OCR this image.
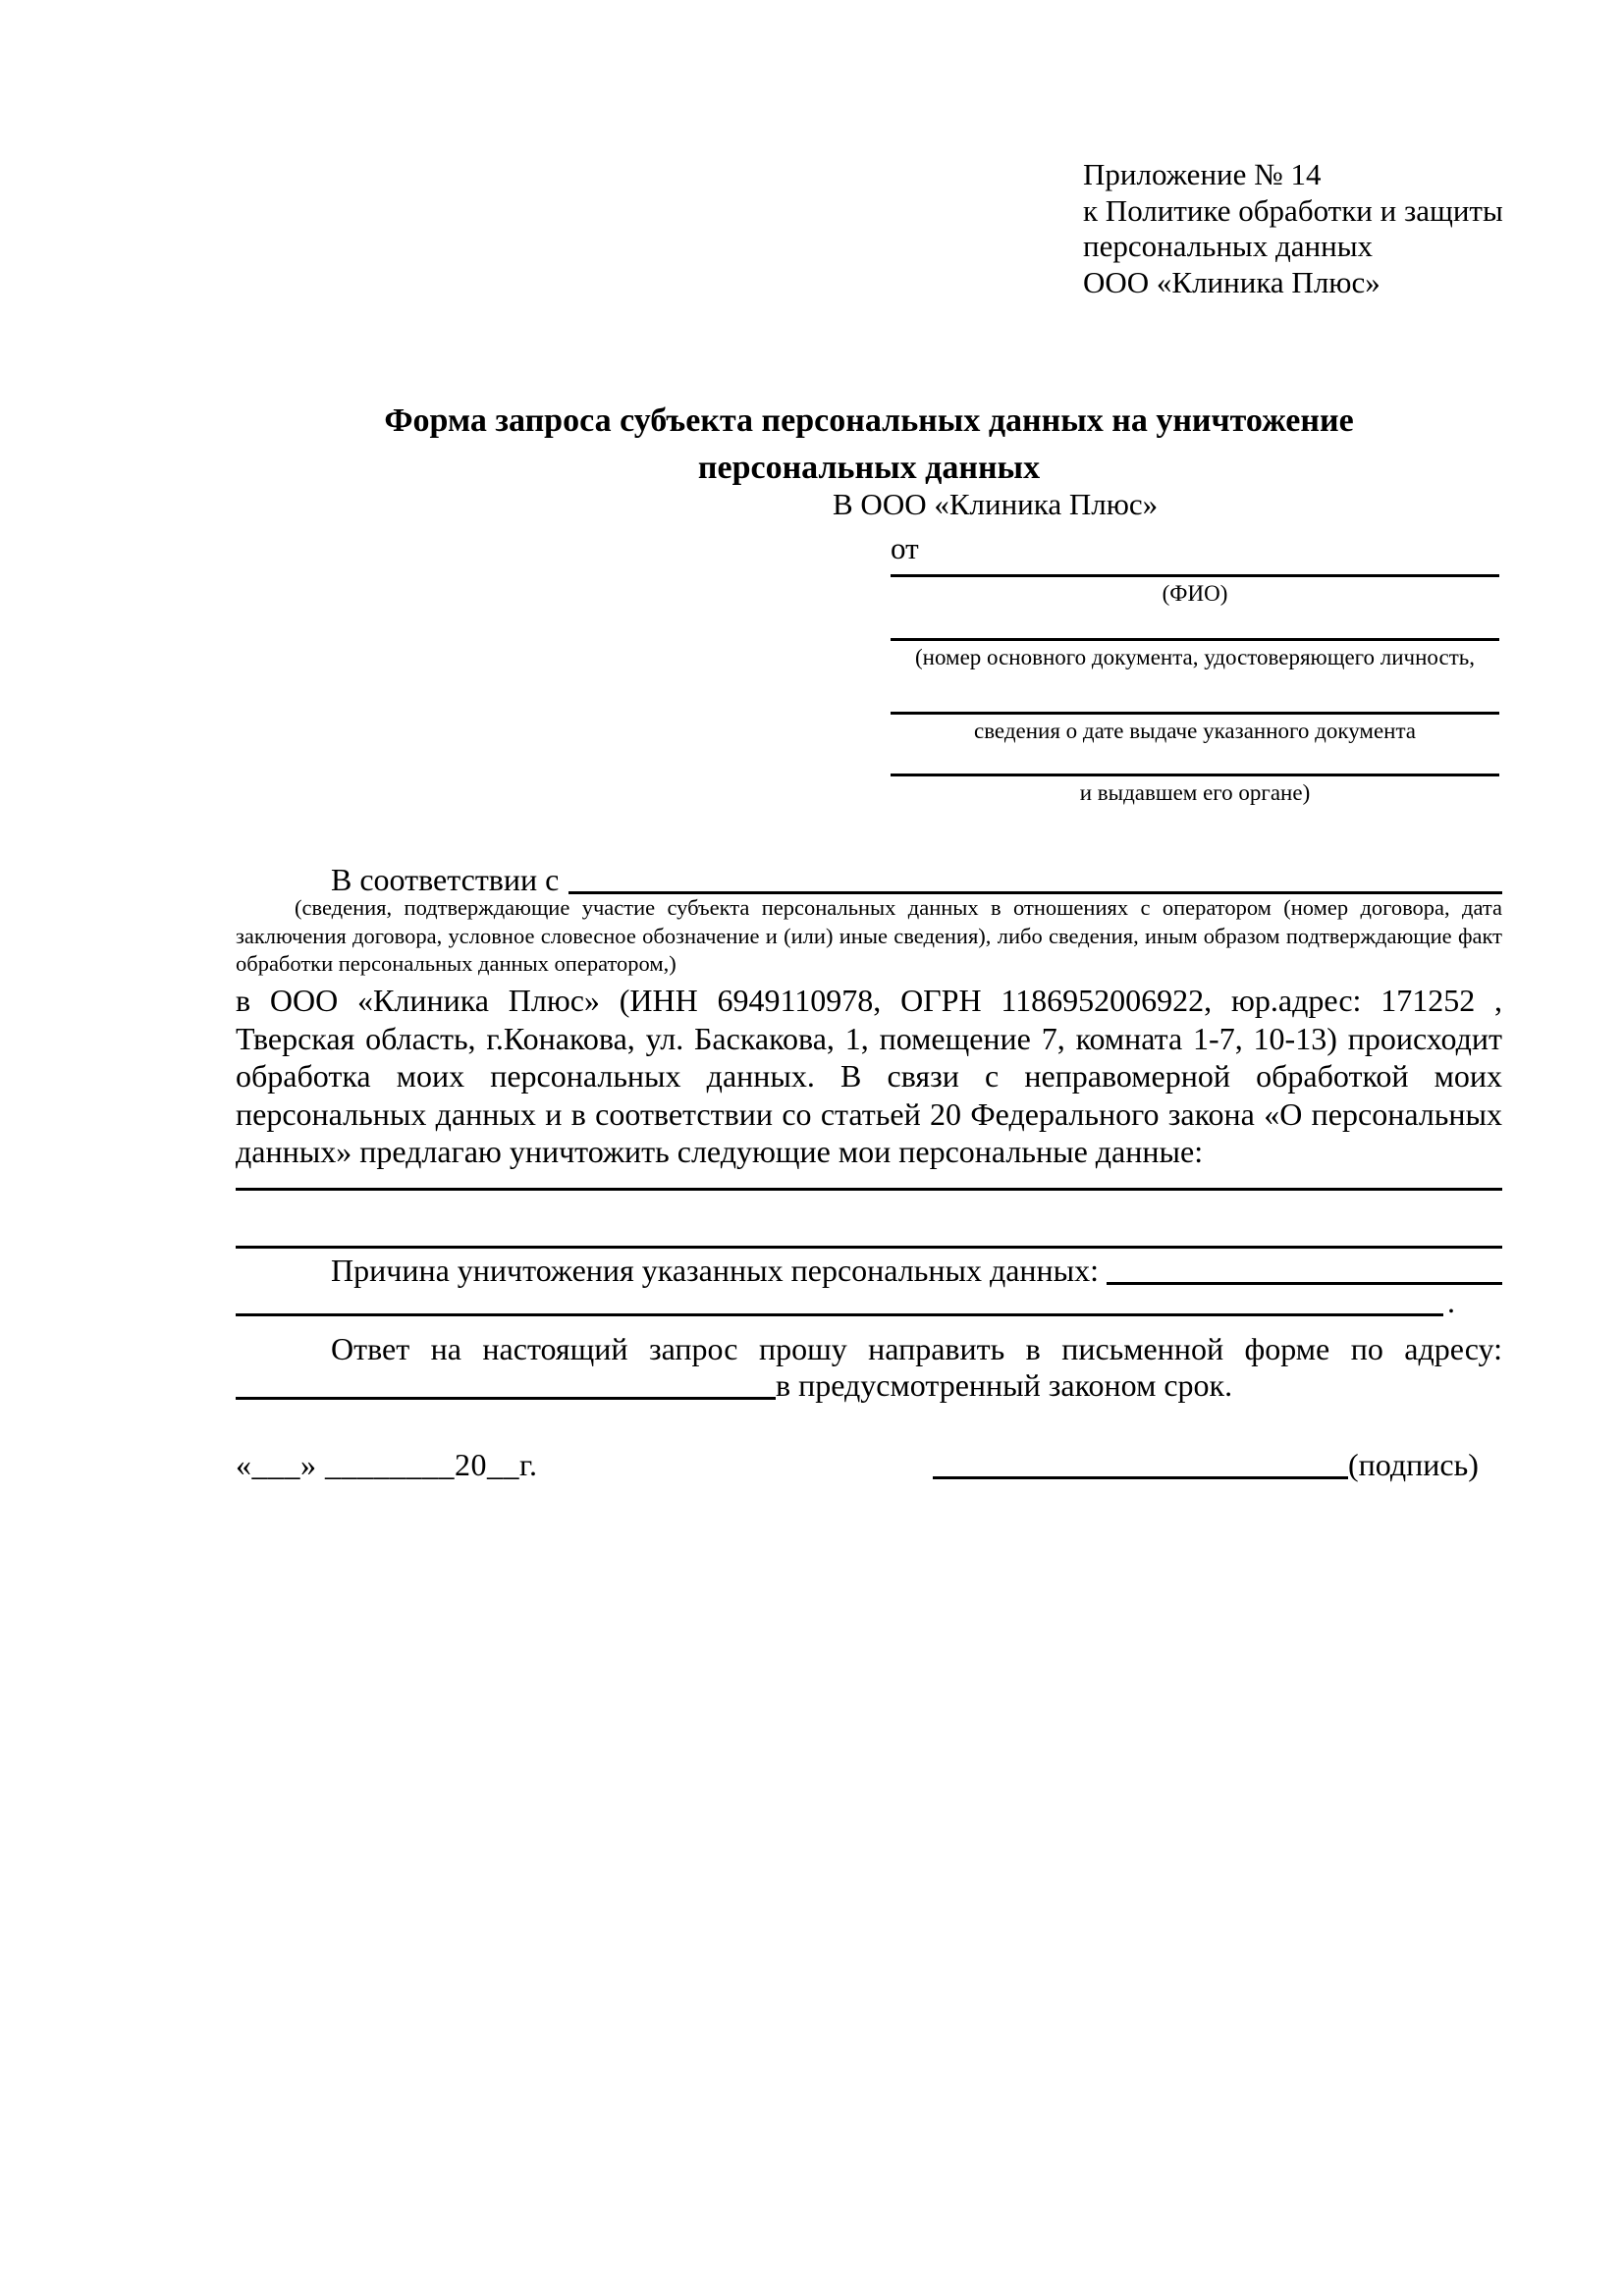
Приложение № 14
к Политике обработки и защиты
персональных данных
ООО «Клиника Плюс»
Форма запроса субъекта персональных данных на уничтожение
персональных данных
В ООО «Клиника Плюс»
от
(ФИО)
(номер основного документа, удостоверяющего личность,
сведения о дате выдаче указанного документа
и выдавшем его органе)
В соответствии с
(сведения, подтверждающие участие субъекта персональных данных в отношениях с оператором (номер договора, дата заключения договора, условное словесное обозначение и (или) иные сведения), либо сведения, иным образом подтверждающие факт обработки персональных данных оператором,)
в ООО «Клиника Плюс» (ИНН 6949110978, ОГРН 1186952006922, юр.адрес: 171252 , Тверская область, г.Конакова, ул. Баскакова, 1, помещение 7, комната 1-7, 10-13) происходит обработка моих персональных данных. В связи с неправомерной обработкой моих персональных данных и в соответствии со статьей 20 Федерального закона «О персональных данных» предлагаю уничтожить следующие мои персональные данные:
Причина уничтожения указанных персональных данных:
.
Ответ на настоящий запрос прошу направить в письменной форме по адресу:
в предусмотренный законом срок.
«___» ________20__г.	(подпись)
